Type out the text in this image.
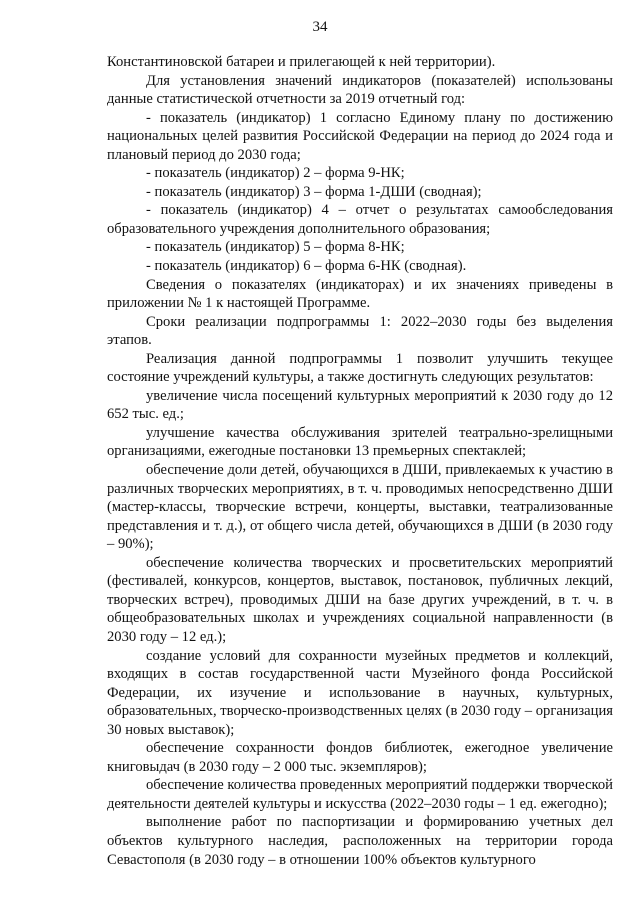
34

Константиновской батареи и прилегающей к ней территории).

Для установления значений индикаторов (показателей) использованы данные статистической отчетности за 2019 отчетный год:

- показатель (индикатор) 1 согласно Единому плану по достижению национальных целей развития Российской Федерации на период до 2024 года и плановый период до 2030 года;

- показатель (индикатор) 2 – форма 9-НК;

- показатель (индикатор) 3 – форма 1-ДШИ (сводная);

- показатель (индикатор) 4 – отчет о результатах самообследования образовательного учреждения дополнительного образования;

- показатель (индикатор) 5 – форма 8-НК;

- показатель (индикатор) 6 – форма 6-НК (сводная).

Сведения о показателях (индикаторах) и их значениях приведены в приложении № 1 к настоящей Программе.

Сроки реализации подпрограммы 1: 2022–2030 годы без выделения этапов.

Реализация данной подпрограммы 1 позволит улучшить текущее состояние учреждений культуры, а также достигнуть следующих результатов:

увеличение числа посещений культурных мероприятий к 2030 году до 12 652 тыс. ед.;

улучшение качества обслуживания зрителей театрально-зрелищными организациями, ежегодные постановки 13 премьерных спектаклей;

обеспечение доли детей, обучающихся в ДШИ, привлекаемых к участию в различных творческих мероприятиях, в т. ч. проводимых непосредственно ДШИ (мастер-классы, творческие встречи, концерты, выставки, театрализованные представления и т. д.), от общего числа детей, обучающихся в ДШИ (в 2030 году – 90%);

обеспечение количества творческих и просветительских мероприятий (фестивалей, конкурсов, концертов, выставок, постановок, публичных лекций, творческих встреч), проводимых ДШИ на базе других учреждений, в т. ч. в общеобразовательных школах и учреждениях социальной направленности (в 2030 году – 12 ед.);

создание условий для сохранности музейных предметов и коллекций, входящих в состав государственной части Музейного фонда Российской Федерации, их изучение и использование в научных, культурных, образовательных, творческо-производственных целях (в 2030 году – организация 30 новых выставок);

обеспечение сохранности фондов библиотек, ежегодное увеличение книговыдач (в 2030 году – 2 000 тыс. экземпляров);

обеспечение количества проведенных мероприятий поддержки творческой деятельности деятелей культуры и искусства (2022–2030 годы – 1 ед. ежегодно);

выполнение работ по паспортизации и формированию учетных дел объектов культурного наследия, расположенных на территории города Севастополя (в 2030 году – в отношении 100% объектов культурного
